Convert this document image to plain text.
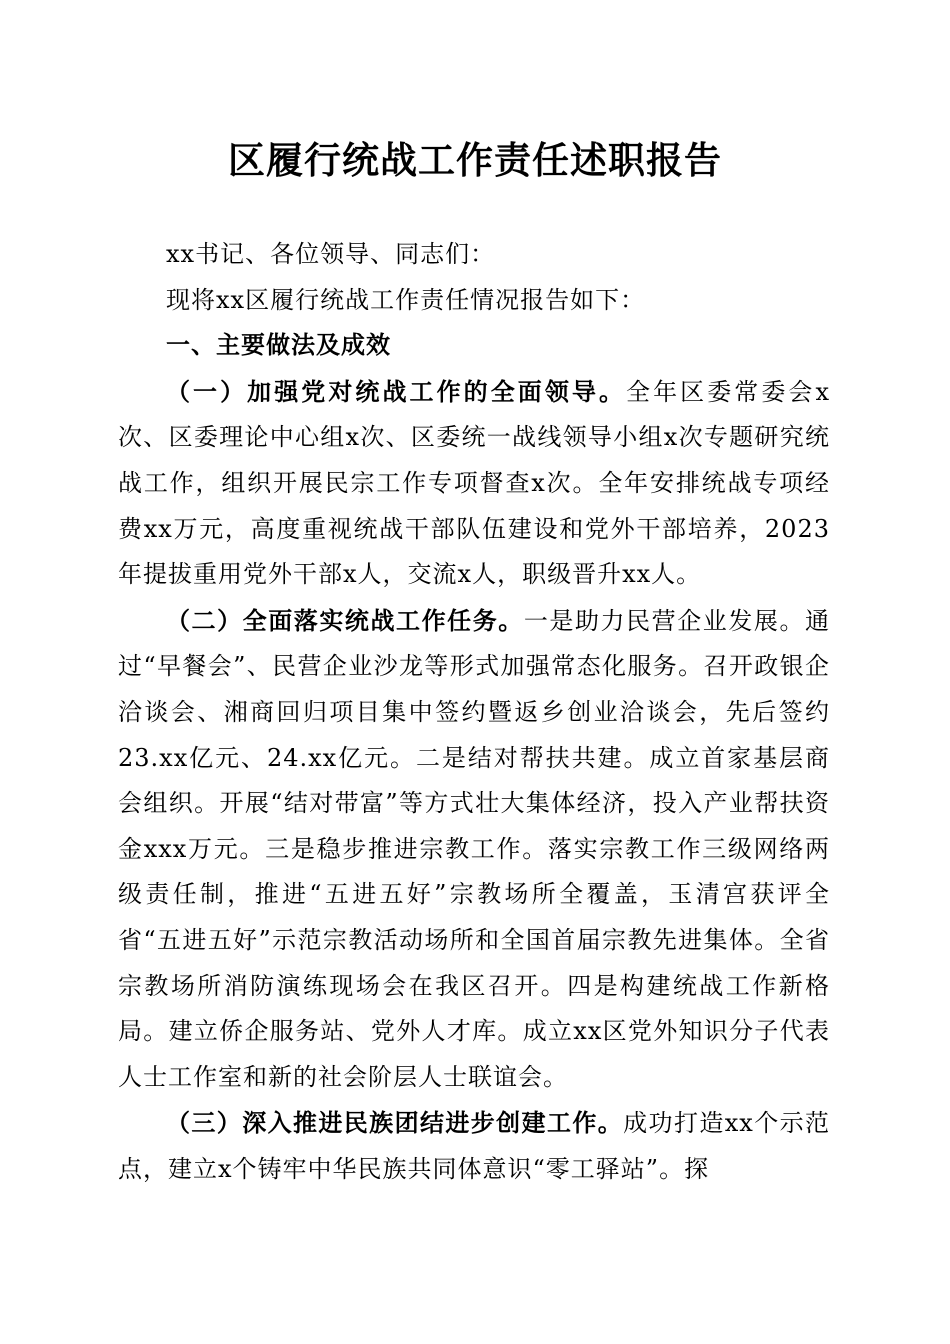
区履行统战工作责任述职报告

xx书记、各位领导、同志们：

现将xx区履行统战工作责任情况报告如下：

一、主要做法及成效

（一）加强党对统战工作的全面领导。全年区委常委会x次、区委理论中心组x次、区委统一战线领导小组x次专题研究统战工作，组织开展民宗工作专项督查x次。全年安排统战专项经费xx万元，高度重视统战干部队伍建设和党外干部培养，2023年提拔重用党外干部x人，交流x人，职级晋升xx人。

（二）全面落实统战工作任务。一是助力民营企业发展。通过“早餐会”、民营企业沙龙等形式加强常态化服务。召开政银企洽谈会、湘商回归项目集中签约暨返乡创业洽谈会，先后签约23.xx亿元、24.xx亿元。二是结对帮扶共建。成立首家基层商会组织。开展“结对带富”等方式壮大集体经济，投入产业帮扶资金xxx万元。三是稳步推进宗教工作。落实宗教工作三级网络两级责任制，推进“五进五好”宗教场所全覆盖，玉清宫获评全省“五进五好”示范宗教活动场所和全国首届宗教先进集体。全省宗教场所消防演练现场会在我区召开。四是构建统战工作新格局。建立侨企服务站、党外人才库。成立xx区党外知识分子代表人士工作室和新的社会阶层人士联谊会。

（三）深入推进民族团结进步创建工作。成功打造xx个示范点，建立x个铸牢中华民族共同体意识“零工驿站”。探
